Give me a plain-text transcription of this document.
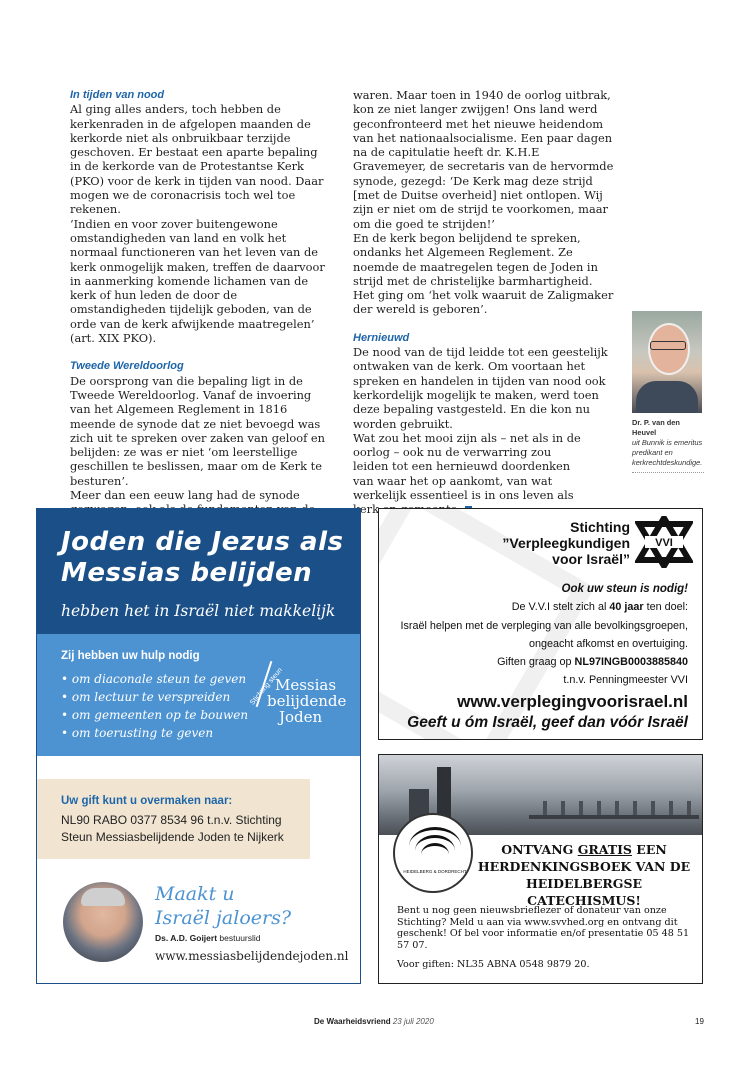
In tijden van nood

Al ging alles anders, toch hebben de kerkenraden in de afgelopen maanden de kerkorde niet als onbruikbaar terzijde geschoven. Er bestaat een aparte bepaling in de kerkorde van de Protestantse Kerk (PKO) voor de kerk in tijden van nood. Daar mogen we de coronacrisis toch wel toe rekenen.

‘Indien en voor zover buitengewone omstandigheden van land en volk het normaal functioneren van het leven van de kerk onmogelijk maken, treffen de daarvoor in aanmerking komende lichamen van de kerk of hun leden de door de omstandigheden tijdelijk geboden, van de orde van de kerk afwijkende maatregelen’ (art. XIX PKO).

Tweede Wereldoorlog

De oorsprong van die bepaling ligt in de Tweede Wereldoorlog. Vanaf de invoering van het Algemeen Reglement in 1816 meende de synode dat ze niet bevoegd was zich uit te spreken over zaken van geloof en belijden: ze was er niet ‘om leerstellige geschillen te beslissen, maar om de Kerk te besturen’.

Meer dan een eeuw lang had de synode

waren. Maar toen in 1940 de oorlog uitbrak, kon ze niet langer zwijgen! Ons land werd geconfronteerd met het nieuwe heidendom van het nationaalsocialisme. Een paar dagen na de capitulatie heeft dr. K.H.E Gravemeyer, de secretaris van de hervormde synode, gezegd: ‘De Kerk mag deze strijd [met de Duitse overheid] niet ontlopen. Wij zijn er niet om de strijd te voorkomen, maar om die goed te strijden!’

En de kerk begon belijdend te spreken, ondanks het Algemeen Reglement. Ze noemde de maatregelen tegen de Joden in strijd met de christelijke barmhartigheid. Het ging om ‘het volk waaruit de Zaligmaker der wereld is geboren’.

Hernieuwd

De nood van de tijd leidde tot een geestelijk ontwaken van de kerk. Om voortaan het spreken en handelen in tijden van nood ook kerkordelijk mogelijk te maken, werd toen deze bepaling vastgesteld. En die kon nu worden gebruikt.

Wat zou het mooi zijn als – net als in de oorlog – ook nu de verwarring zou leiden tot een hernieuwd doordenken van waar het op aankomt, van wat werkelijk essentieel is in ons leven als kerk

Dr. P. van den Heuvel
uit Bunnik is emeritus predikant en kerkrechtdeskundige.
Joden die Jezus als Messias belijden
hebben het in Israël niet makkelijk
Zij hebben uw hulp nodig
• om diaconale steun te geven
• om lectuur te verspreiden
• om gemeenten op te bouwen
• om toerusting te geven
Stichting steun
Messias
belijdende
Joden
Uw gift kunt u overmaken naar:
NL90 RABO 0377 8534 96 t.n.v. Stichting
Steun Messiasbelijdende Joden te Nijkerk
Maakt u
Israël jaloers?
Ds. A.D. Goijert bestuurslid
www.messiasbelijdendejoden.nl
Stichting
”Verpleegkundigen
voor Israël”
VVI
Ook uw steun is nodig!
De V.V.I stelt zich al 40 jaar ten doel:
Israël helpen met de verpleging van alle bevolkingsgroepen,
ongeacht afkomst en overtuiging.
Giften graag op NL97INGB0003885840
t.n.v. Penningmeester VVI
www.verplegingvoorisrael.nl
Geeft u óm Israël, geef dan vóór Israël
HEIDELBERG & DORDRECHT
ONTVANG GRATIS EEN
HERDENKINGSBOEK VAN DE
HEIDELBERGSE CATECHISMUS!
Bent u nog geen nieuwsbrieflezer of donateur van onze Stichting? Meld u aan via www.svvhed.org en ontvang dit geschenk! Of bel voor informatie en/of presentatie 05 48 51 57 07.
Voor giften: NL35 ABNA 0548 9879 20.
De Waarheidsvriend 23 juli 2020	19
